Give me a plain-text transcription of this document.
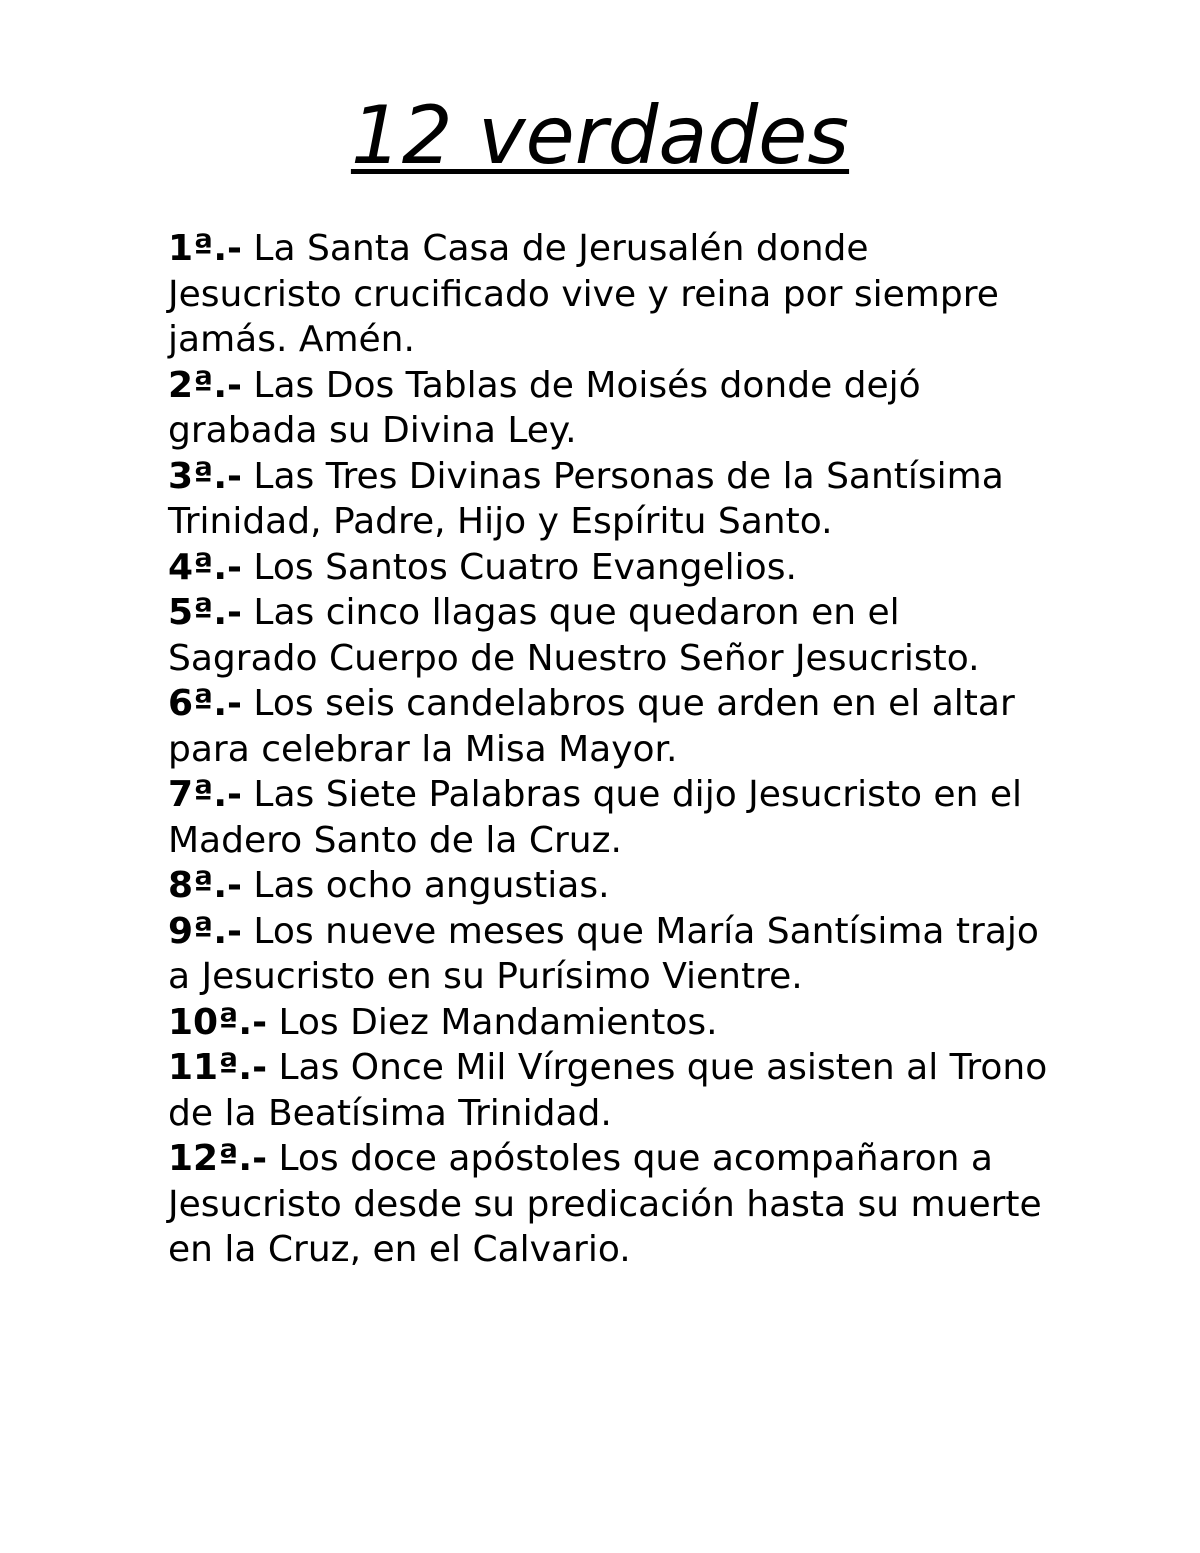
12 verdades
1ª.- La Santa Casa de Jerusalén donde Jesucristo crucificado vive y reina por siempre jamás. Amén.
2ª.- Las Dos Tablas de Moisés donde dejó grabada su Divina Ley.
3ª.- Las Tres Divinas Personas de la Santísima Trinidad, Padre, Hijo y Espíritu Santo.
4ª.- Los Santos Cuatro Evangelios.
5ª.- Las cinco llagas que quedaron en el Sagrado Cuerpo de Nuestro Señor Jesucristo.
6ª.- Los seis candelabros que arden en el altar para celebrar la Misa Mayor.
7ª.- Las Siete Palabras que dijo Jesucristo en el Madero Santo de la Cruz.
8ª.- Las ocho angustias.
9ª.- Los nueve meses que María Santísima trajo a Jesucristo en su Purísimo Vientre.
10ª.- Los Diez Mandamientos.
11ª.- Las Once Mil Vírgenes que asisten al Trono de la Beatísima Trinidad.
12ª.- Los doce apóstoles que acompañaron a Jesucristo desde su predicación hasta su muerte en la Cruz, en el Calvario.
